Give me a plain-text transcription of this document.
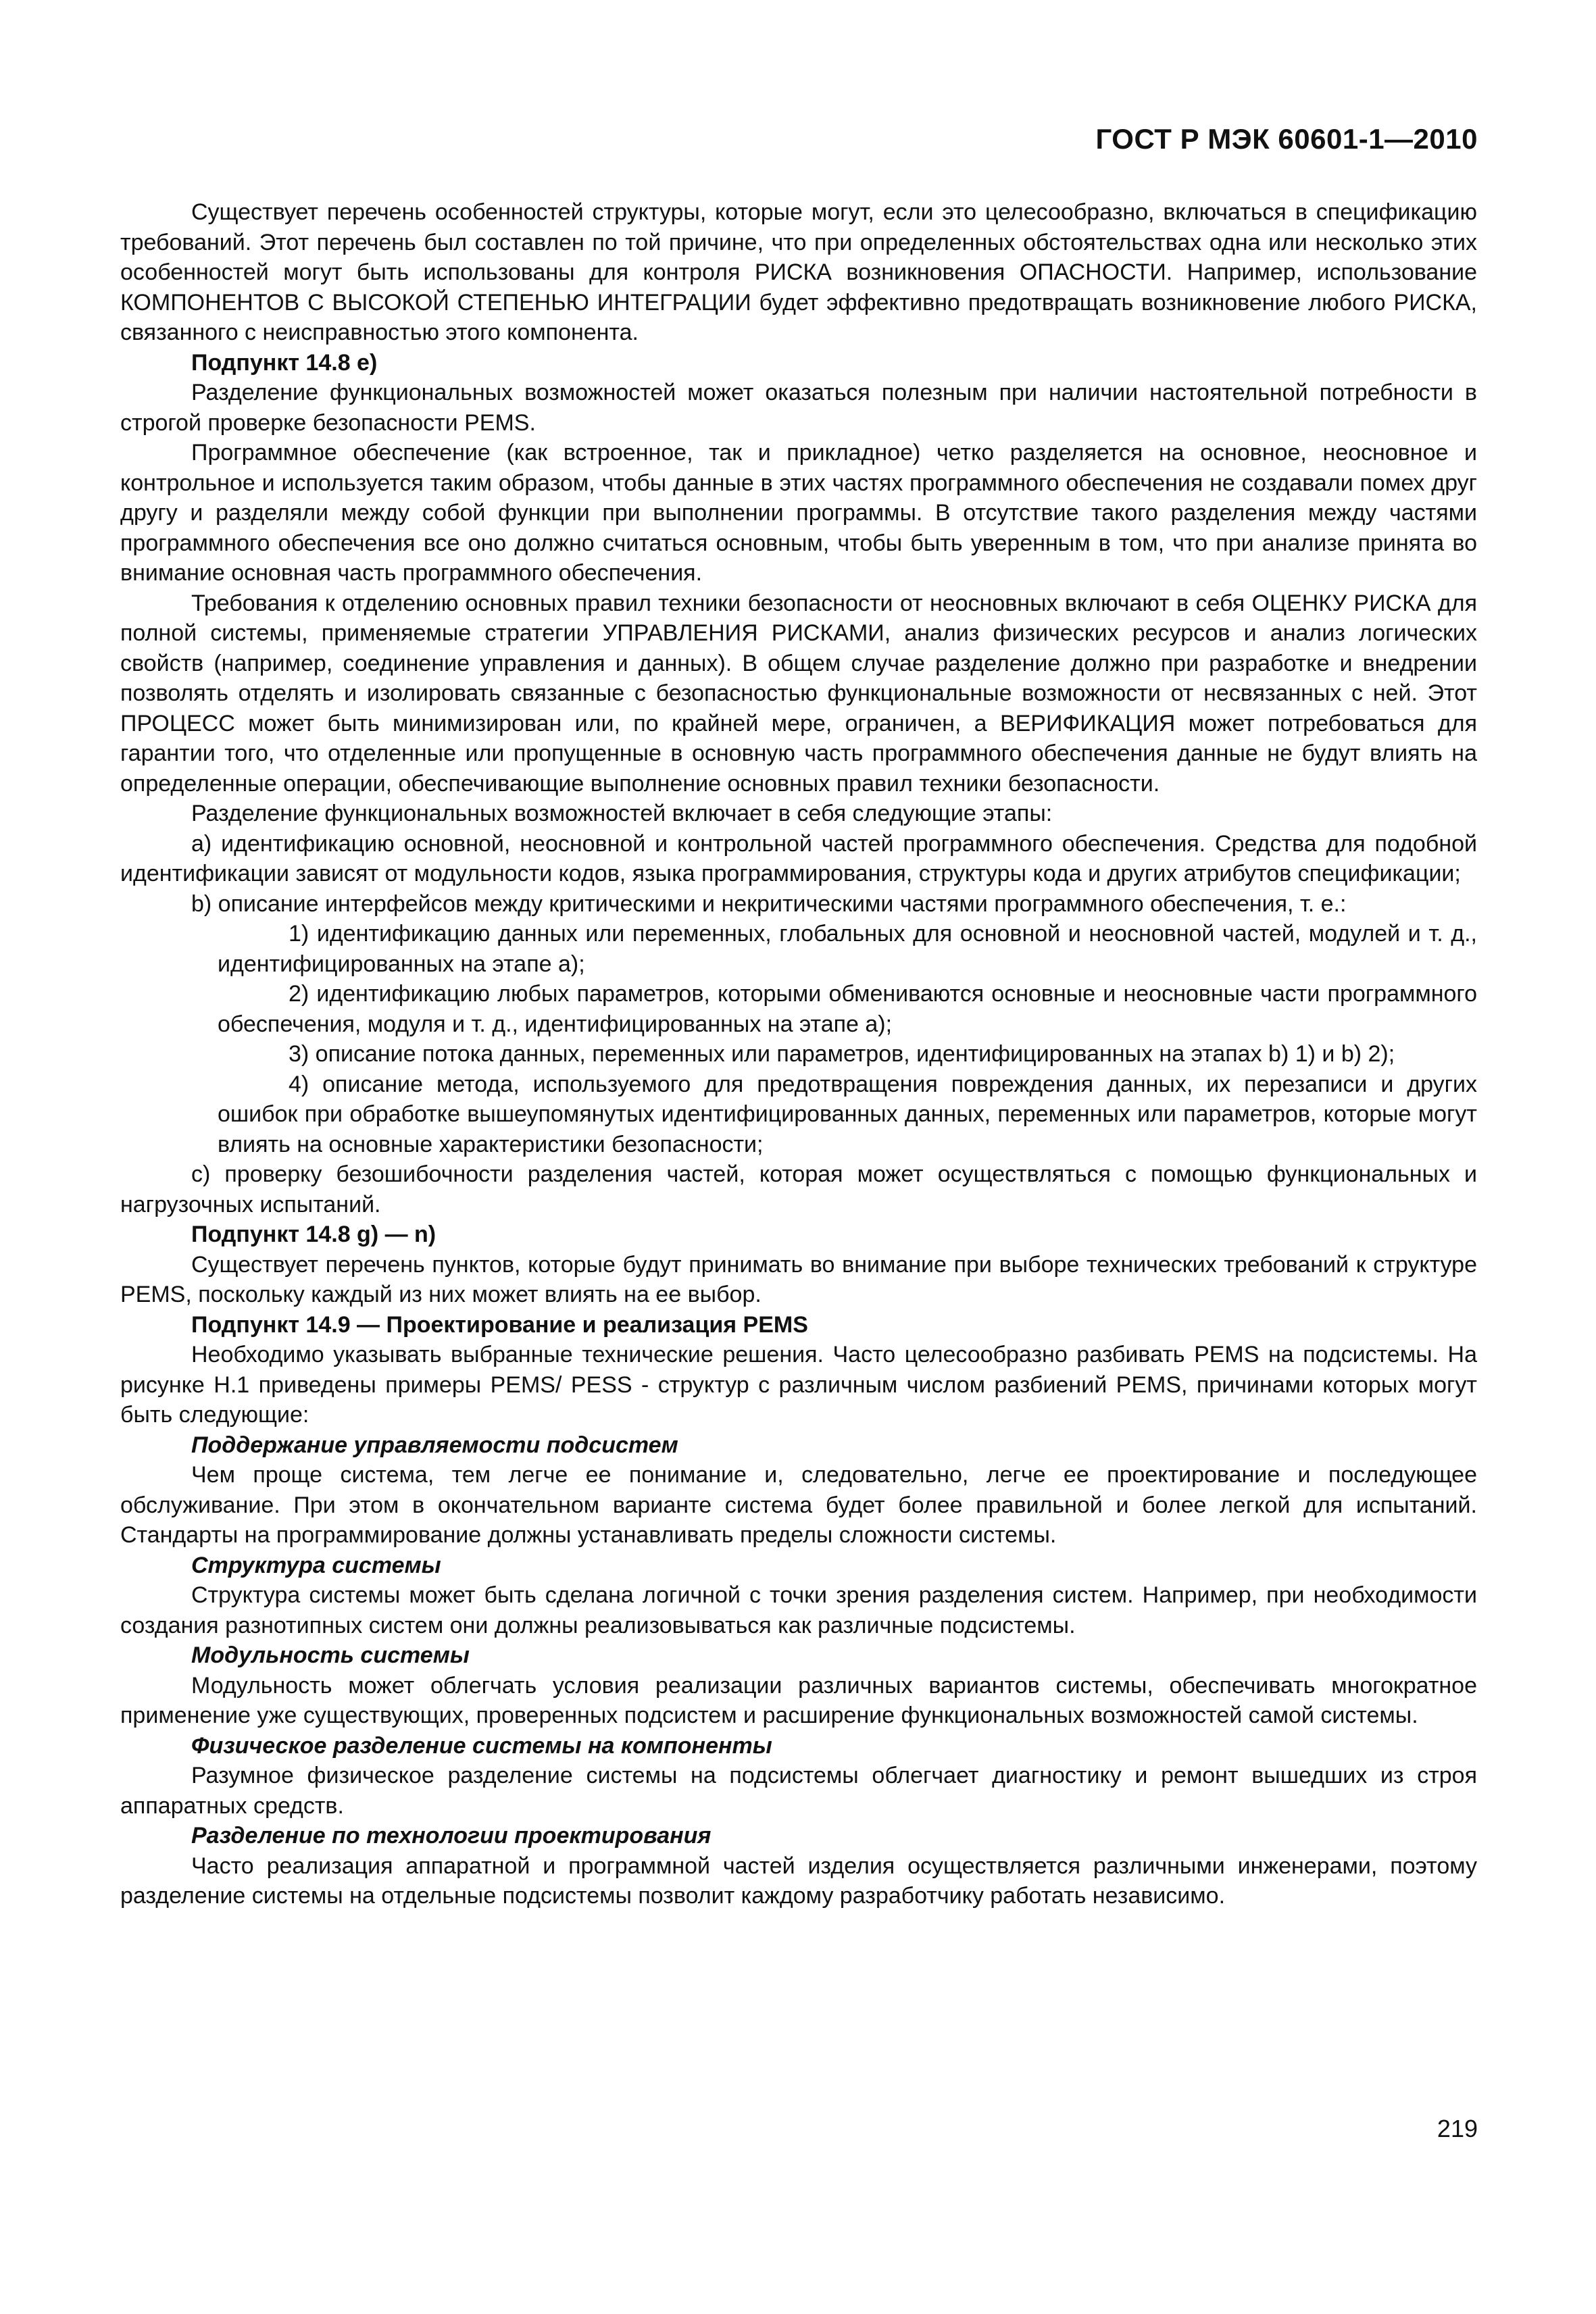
ГОСТ Р МЭК 60601-1—2010

Существует перечень особенностей структуры, которые могут, если это целесообразно, включаться в спецификацию требований. Этот перечень был составлен по той причине, что при определенных обстоятельствах одна или несколько этих особенностей могут быть использованы для контроля РИСКА возникновения ОПАСНОСТИ. Например, использование КОМПОНЕНТОВ С ВЫСОКОЙ СТЕПЕНЬЮ ИНТЕГРАЦИИ будет эффективно предотвращать возникновение любого РИСКА, связанного с неисправностью этого компонента.

Подпункт 14.8 е)

Разделение функциональных возможностей может оказаться полезным при наличии настоятельной потребности в строгой проверке безопасности PEMS.

Программное обеспечение (как встроенное, так и прикладное) четко разделяется на основное, неосновное и контрольное и используется таким образом, чтобы данные в этих частях программного обеспечения не создавали помех друг другу и разделяли между собой функции при выполнении программы. В отсутствие такого разделения между частями программного обеспечения все оно должно считаться основным, чтобы быть уверенным в том, что при анализе принята во внимание основная часть программного обеспечения.

Требования к отделению основных правил техники безопасности от неосновных включают в себя ОЦЕНКУ РИСКА для полной системы, применяемые стратегии УПРАВЛЕНИЯ РИСКАМИ, анализ физических ресурсов и анализ логических свойств (например, соединение управления и данных). В общем случае разделение должно при разработке и внедрении позволять отделять и изолировать связанные с безопасностью функциональные возможности от несвязанных с ней. Этот ПРОЦЕСС может быть минимизирован или, по крайней мере, ограничен, а ВЕРИФИКАЦИЯ может потребоваться для гарантии того, что отделенные или пропущенные в основную часть программного обеспечения данные не будут влиять на определенные операции, обеспечивающие выполнение основных правил техники безопасности.

Разделение функциональных возможностей включает в себя следующие этапы:

a) идентификацию основной, неосновной и контрольной частей программного обеспечения. Средства для подобной идентификации зависят от модульности кодов, языка программирования, структуры кода и других атрибутов спецификации;

b) описание интерфейсов между критическими и некритическими частями программного обеспечения, т. е.:

1) идентификацию данных или переменных, глобальных для основной и неосновной частей, модулей и т. д., идентифицированных на этапе а);

2) идентификацию любых параметров, которыми обмениваются основные и неосновные части программного обеспечения, модуля и т. д., идентифицированных на этапе а);

3) описание потока данных, переменных или параметров, идентифицированных на этапах b) 1) и b) 2);

4) описание метода, используемого для предотвращения повреждения данных, их перезаписи и других ошибок при обработке вышеупомянутых идентифицированных данных, переменных или параметров, которые могут влиять на основные характеристики безопасности;

c) проверку безошибочности разделения частей, которая может осуществляться с помощью функциональных и нагрузочных испытаний.

Подпункт 14.8 g) — n)

Существует перечень пунктов, которые будут принимать во внимание при выборе технических требований к структуре PEMS, поскольку каждый из них может влиять на ее выбор.

Подпункт 14.9 — Проектирование и реализация PEMS

Необходимо указывать выбранные технические решения. Часто целесообразно разбивать PEMS на подсистемы. На рисунке Н.1 приведены примеры PEMS/ PESS - структур с различным числом разбиений PEMS, причинами которых могут быть следующие:

Поддержание управляемости подсистем

Чем проще система, тем легче ее понимание и, следовательно, легче ее проектирование и последующее обслуживание. При этом в окончательном варианте система будет более правильной и более легкой для испытаний. Стандарты на программирование должны устанавливать пределы сложности системы.

Структура системы

Структура системы может быть сделана логичной с точки зрения разделения систем. Например, при необходимости создания разнотипных систем они должны реализовываться как различные подсистемы.

Модульность системы

Модульность может облегчать условия реализации различных вариантов системы, обеспечивать многократное применение уже существующих, проверенных подсистем и расширение функциональных возможностей самой системы.

Физическое разделение системы на компоненты

Разумное физическое разделение системы на подсистемы облегчает диагностику и ремонт вышедших из строя аппаратных средств.

Разделение по технологии проектирования

Часто реализация аппаратной и программной частей изделия осуществляется различными инженерами, поэтому разделение системы на отдельные подсистемы позволит каждому разработчику работать независимо.

219
